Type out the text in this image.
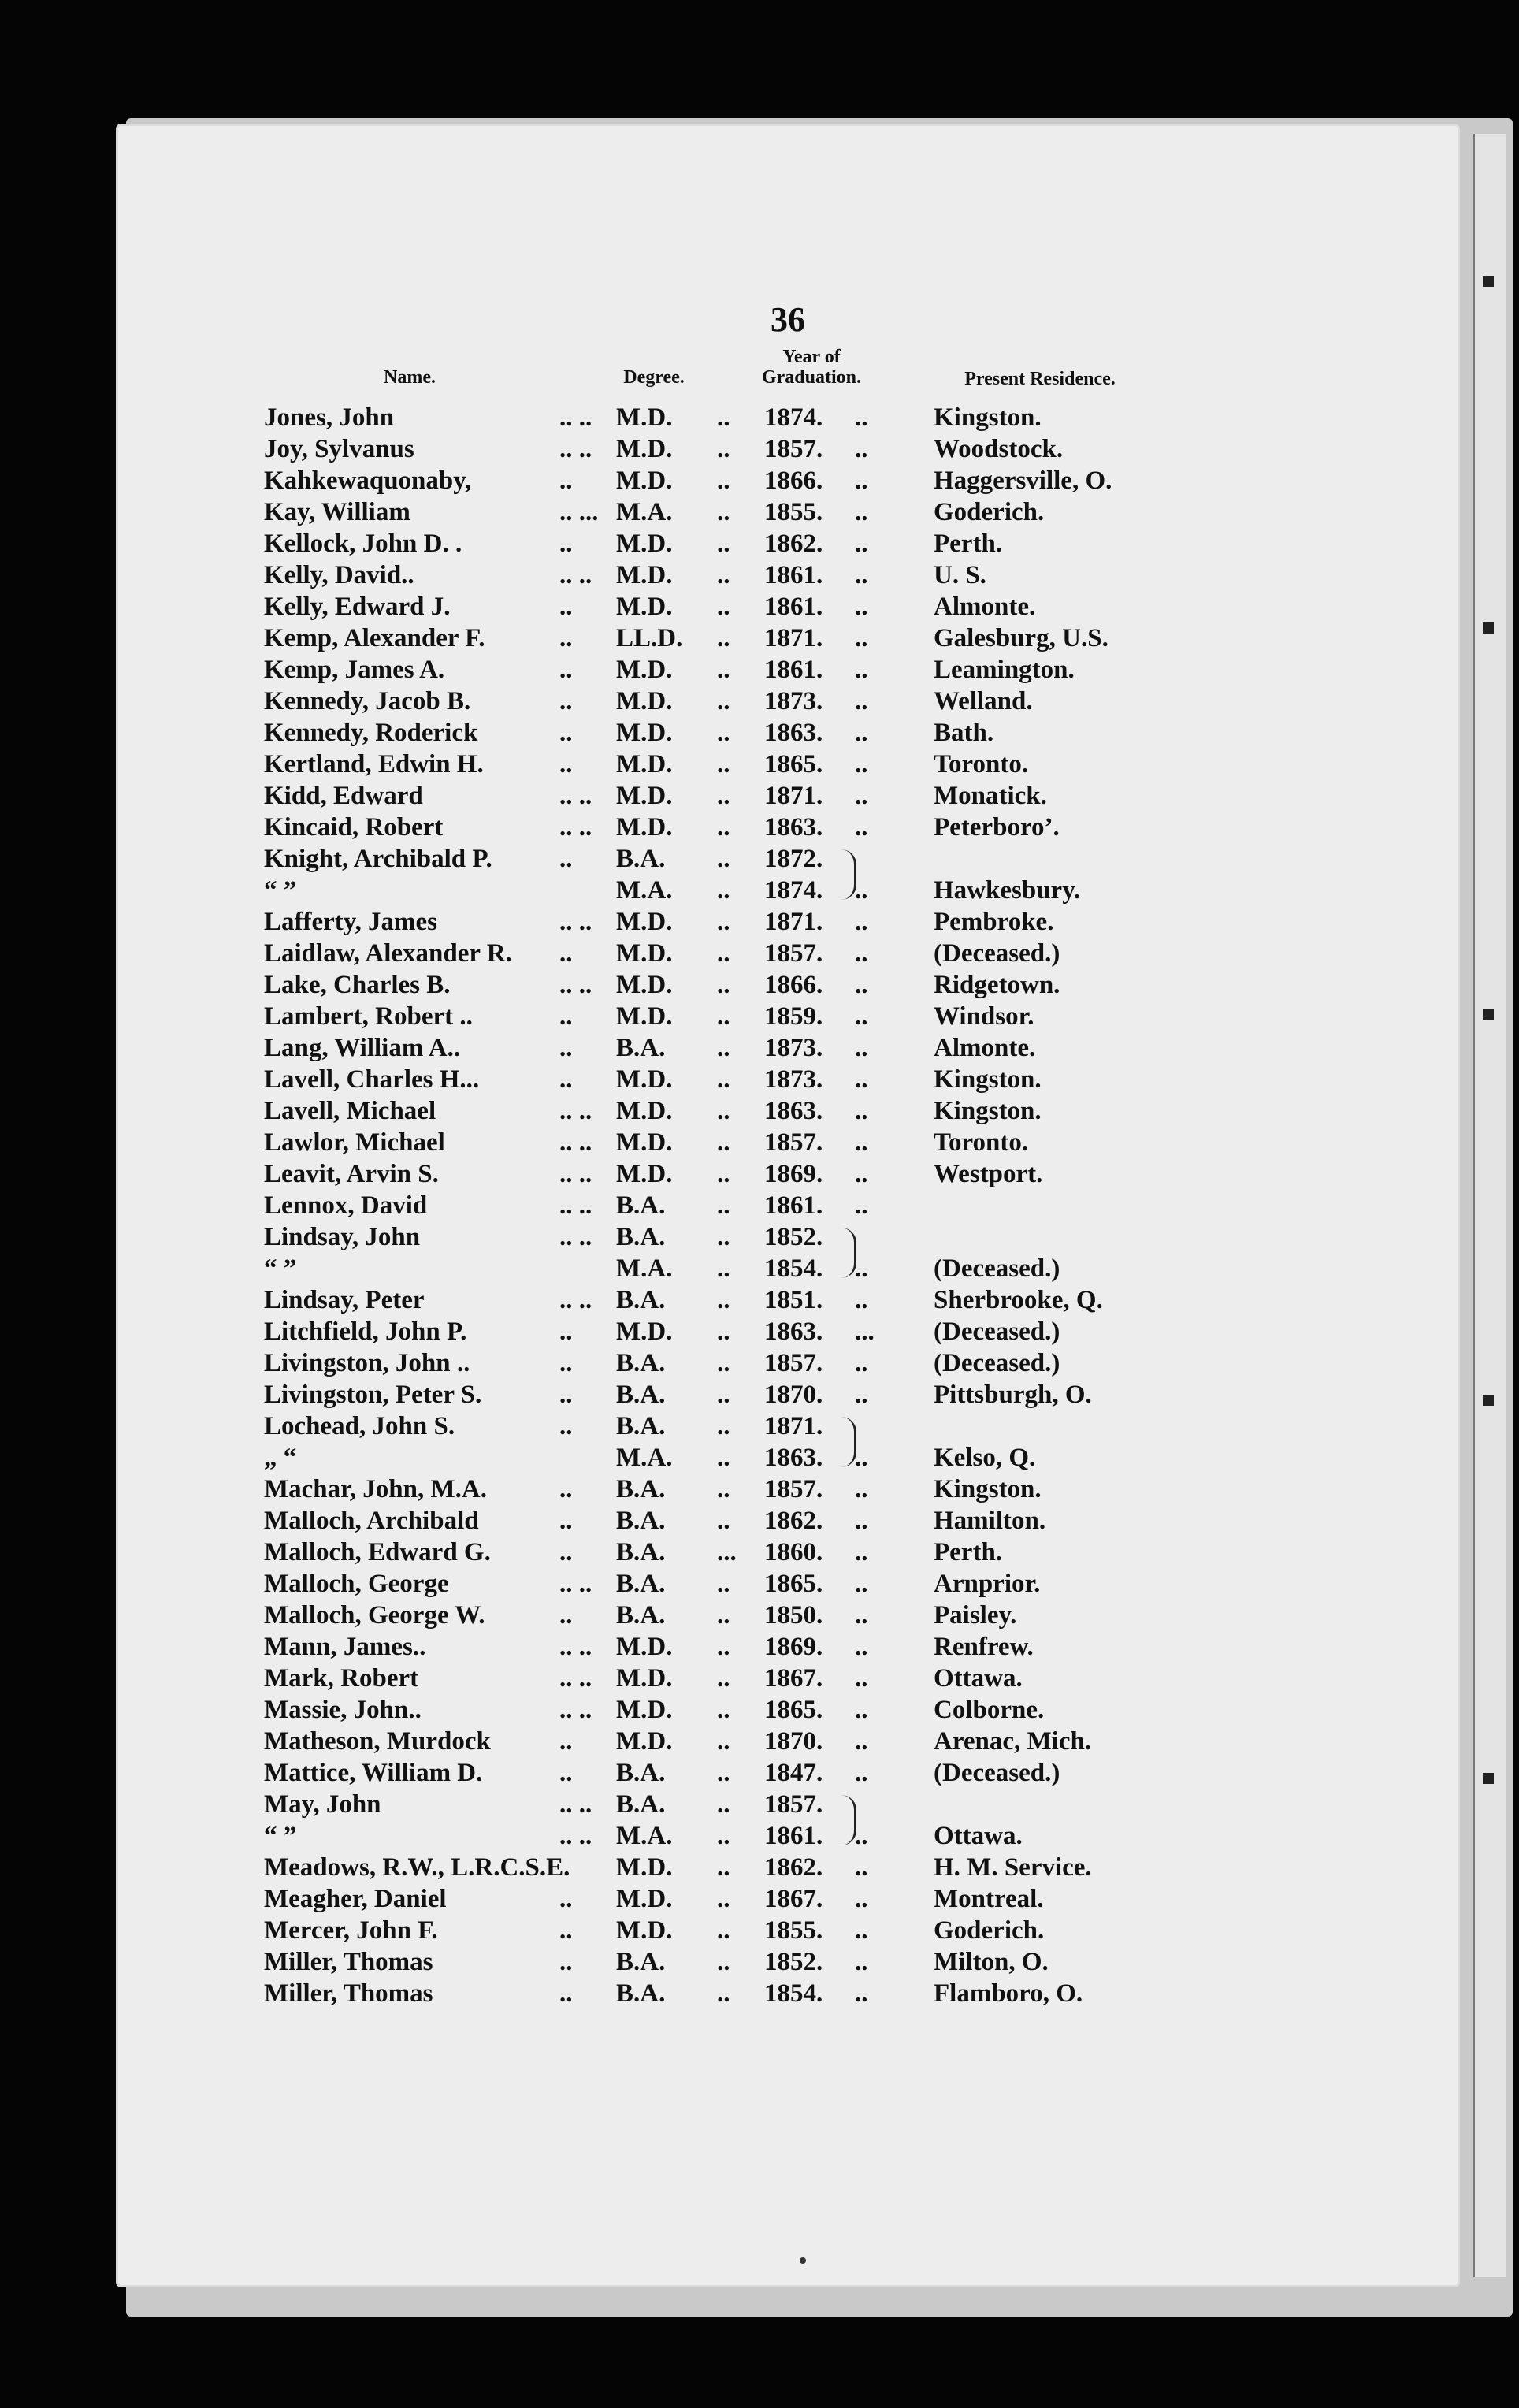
36
Name.	Degree.
Year of Graduation.	Present Residence.
Jones, John	.. .. M.D. .. 1874. ..	Kingston.
Joy, Sylvanus	.. .. M.D. .. 1857. ..	Woodstock.
Kahkewaquonaby,	.. M.D. .. 1866. ..	Haggersville, O.
Kay, William	.. ... M.A. .. 1855. ..	Goderich.
Kellock, John D. .	.. M.D. .. 1862. ..	Perth.
Kelly, David..	.. .. M.D. .. 1861. ..	U. S.
Kelly, Edward J.	.. M.D. .. 1861. ..	Almonte.
Kemp, Alexander F.	.. LL.D. .. 1871. ..	Galesburg, U.S.
Kemp, James A.	.. M.D. .. 1861. ..	Leamington.
Kennedy, Jacob B.	.. M.D. .. 1873. ..	Welland.
Kennedy, Roderick	.. M.D. .. 1863. ..	Bath.
Kertland, Edwin H.	.. M.D. .. 1865. ..	Toronto.
Kidd, Edward	.. .. M.D. .. 1871. ..	Monatick.
Kincaid, Robert	.. .. M.D. .. 1863. ..	Peterboro’.
Knight, Archibald P.	.. B.A. .. 1872.
“ ”	M.A. .. 1874. ..	Hawkesbury.
Lafferty, James	.. .. M.D. .. 1871. ..	Pembroke.
Laidlaw, Alexander R. .. M.D. .. 1857. ..	(Deceased.)
Lake, Charles B.	.. .. M.D. .. 1866. ..	Ridgetown.
Lambert, Robert ..	.. M.D. .. 1859. ..	Windsor.
Lang, William A..	.. B.A. .. 1873. ..	Almonte.
Lavell, Charles H...	.. M.D. .. 1873. ..	Kingston.
Lavell, Michael	.. .. M.D. .. 1863. ..	Kingston.
Lawlor, Michael	.. .. M.D. .. 1857. ..	Toronto.
Leavit, Arvin S.	.. .. M.D. .. 1869. ..	Westport.
Lennox, David	.. .. B.A. .. 1861. ..
Lindsay, John	.. .. B.A. .. 1852.
“ ”	M.A. .. 1854. ..	(Deceased.)
Lindsay, Peter	.. .. B.A. .. 1851. ..	Sherbrooke, Q.
Litchfield, John P.	.. M.D. .. 1863. ... (Deceased.)
Livingston, John ..	.. B.A. .. 1857. ..	(Deceased.)
Livingston, Peter S.	.. B.A. .. 1870. ..	Pittsburgh, O.
Lochead, John S.	.. B.A. .. 1871.
„ “	M.A. .. 1863. ..	Kelso, Q.
Machar, John, M.A.	.. B.A. .. 1857. ..	Kingston.
Malloch, Archibald	.. B.A. .. 1862. ..	Hamilton.
Malloch, Edward G.	.. B.A. ... 1860. ..	Perth.
Malloch, George	.. .. B.A. .. 1865. ..	Arnprior.
Malloch, George W.	.. B.A. .. 1850. ..	Paisley.
Mann, James..	.. .. M.D. .. 1869. ..	Renfrew.
Mark, Robert	.. .. M.D. .. 1867. ..	Ottawa.
Massie, John..	.. .. M.D. .. 1865. ..	Colborne.
Matheson, Murdock	.. M.D. .. 1870. ..	Arenac, Mich.
Mattice, William D.	.. B.A. .. 1847. ..	(Deceased.)
May, John	.. .. B.A. .. 1857.
“ ”	.. .. M.A. .. 1861. ..	Ottawa.
Meadows, R.W., L.R.C.S.E. M.D. .. 1862. ..	H. M. Service.
Meagher, Daniel	.. M.D. .. 1867. ..	Montreal.
Mercer, John F.	.. M.D. .. 1855. ..	Goderich.
Miller, Thomas	.. B.A. .. 1852. ..	Milton, O.
Miller, Thomas	.. B.A. .. 1854. ..	Flamboro, O.
